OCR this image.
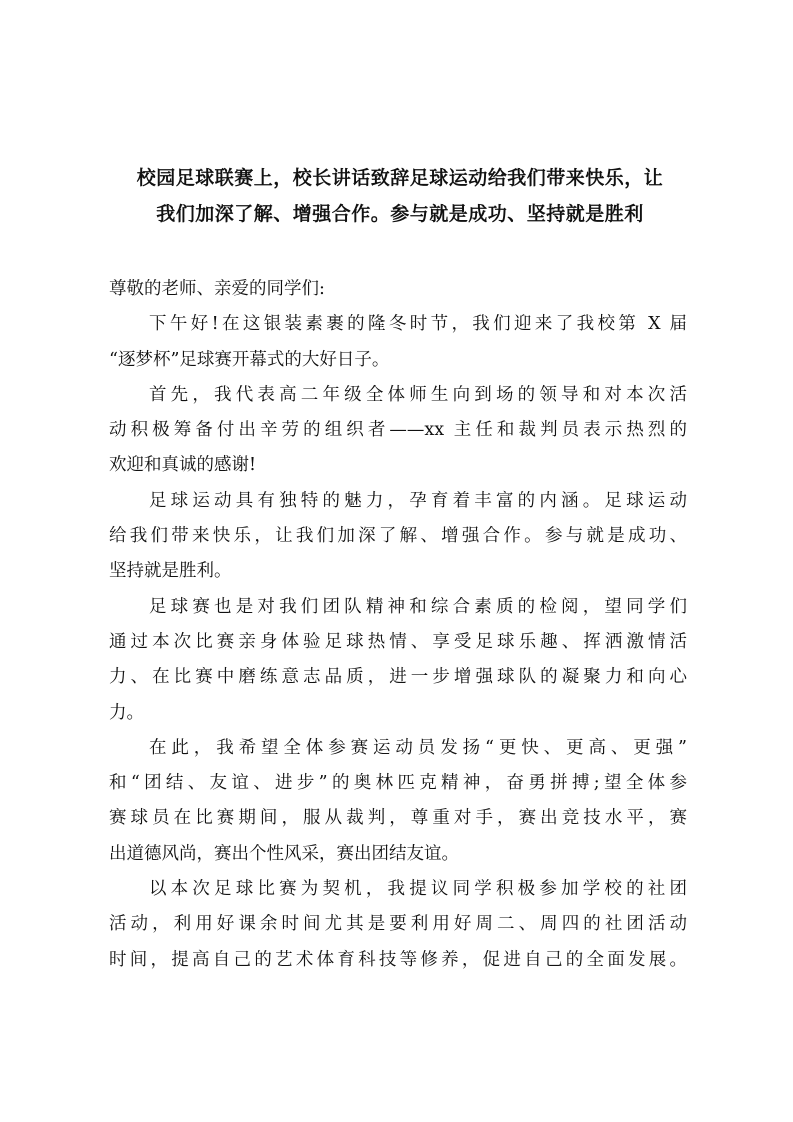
校园足球联赛上，校长讲话致辞足球运动给我们带来快乐，让
我们加深了解、增强合作。参与就是成功、坚持就是胜利
尊敬的老师、亲爱的同学们:
下午好!在这银装素裹的隆冬时节，我们迎来了我校第 X 届
“逐梦杯”足球赛开幕式的大好日子。
首先，我代表高二年级全体师生向到场的领导和对本次活
动积极筹备付出辛劳的组织者——xx 主任和裁判员表示热烈的
欢迎和真诚的感谢!
足球运动具有独特的魅力，孕育着丰富的内涵。足球运动
给我们带来快乐，让我们加深了解、增强合作。参与就是成功、
坚持就是胜利。
足球赛也是对我们团队精神和综合素质的检阅，望同学们
通过本次比赛亲身体验足球热情、享受足球乐趣、挥洒激情活
力、在比赛中磨练意志品质，进一步增强球队的凝聚力和向心
力。
在此，我希望全体参赛运动员发扬“更快、更高、更强”
和“团结、友谊、进步”的奥林匹克精神，奋勇拼搏;望全体参
赛球员在比赛期间，服从裁判，尊重对手，赛出竞技水平，赛
出道德风尚，赛出个性风采，赛出团结友谊。
以本次足球比赛为契机，我提议同学积极参加学校的社团
活动，利用好课余时间尤其是要利用好周二、周四的社团活动
时间，提高自己的艺术体育科技等修养，促进自己的全面发展。
